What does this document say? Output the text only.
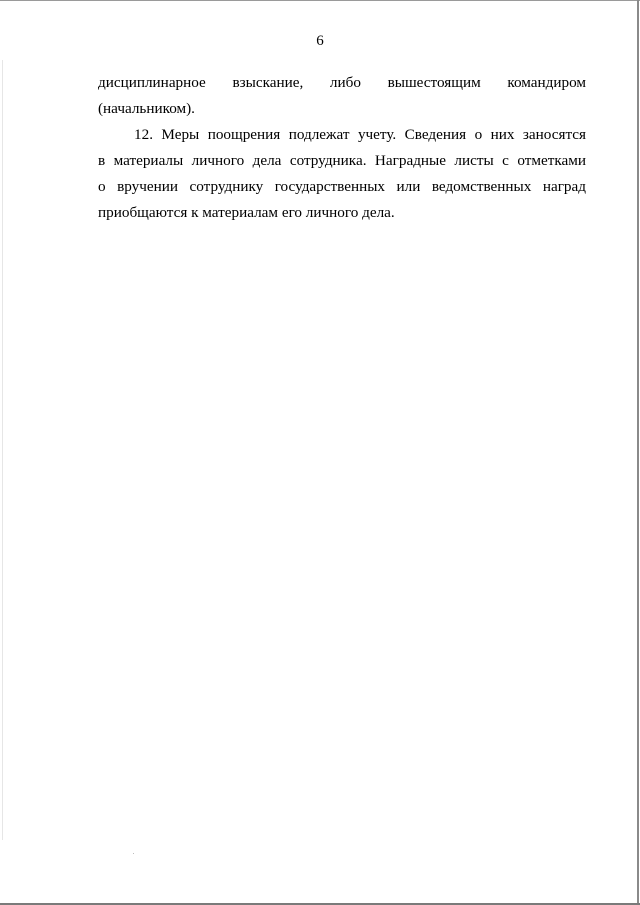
6
дисциплинарное взыскание, либо вышестоящим командиром
(начальником).
12. Меры поощрения подлежат учету. Сведения о них заносятся
в материалы личного дела сотрудника. Наградные листы с отметками
о вручении сотруднику государственных или ведомственных наград
приобщаются к материалам его личного дела.
